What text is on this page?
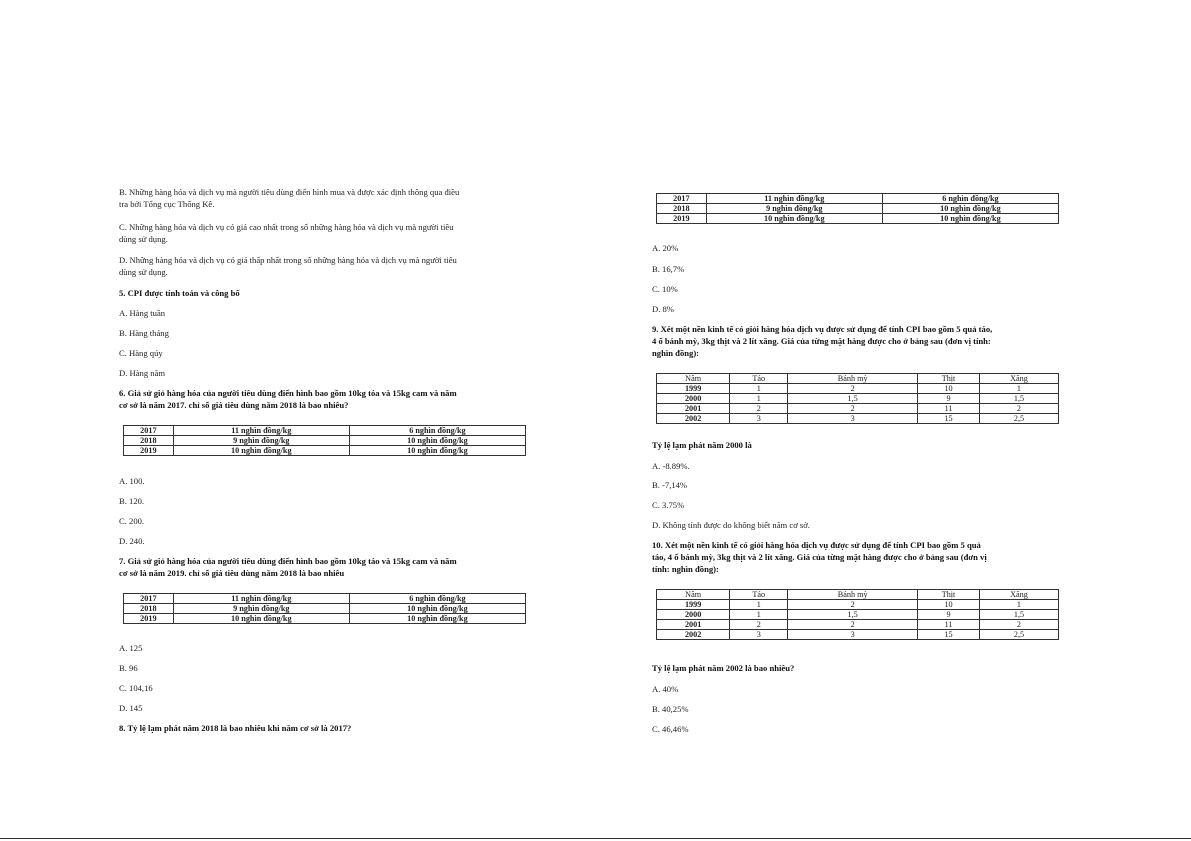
B. Những hàng hóa và dịch vụ mà người tiêu dùng điển hình mua và được xác định thông qua điều
tra bởi Tổng cục Thống Kê.
C. Những hàng hóa và dịch vụ có giá cao nhất trong số những hàng hóa và dịch vụ mà người tiêu
dùng sử dụng.
D. Những hàng hóa và dịch vụ có giá thấp nhất trong số những hàng hóa và dịch vụ mà người tiêu
dùng sử dụng.
5. CPI được tính toán và công bố
A. Hàng tuần
B. Hàng tháng
C. Hàng qúy
D. Hàng năm
6. Giả sử giỏ hàng hóa của người tiêu dùng điển hình bao gồm 10kg tóa và 15kg cam và năm
cơ sở là năm 2017. chỉ số giá tiêu dùng năm 2018 là bao nhiêu?
2017	11 nghìn đồng/kg	6 nghìn đồng/kg
2018	9 nghìn đồng/kg	10 nghìn đồng/kg
2019	10 nghìn đồng/kg	10 nghìn đồng/kg
A. 100.
B. 120.
C. 200.
D. 240.
7. Giả sử giỏ hàng hóa của người tiêu dùng điển hình bao gồm 10kg táo và 15kg cam và năm
cơ sở là năm 2019. chỉ số giá tiêu dùng năm 2018 là bao nhiêu
2017	11 nghìn đồng/kg	6 nghìn đồng/kg
2018	9 nghìn đồng/kg	10 nghìn đồng/kg
2019	10 nghìn đồng/kg	10 nghìn đồng/kg
A. 125
B. 96
C. 104,16
D. 145
8. Tỷ lệ lạm phát năm 2018 là bao nhiêu khi năm cơ sở là 2017?
2017	11 nghìn đồng/kg	6 nghìn đồng/kg
2018	9 nghìn đồng/kg	10 nghìn đồng/kg
2019	10 nghìn đồng/kg	10 nghìn đồng/kg
A. 20%
B. 16,7%
C. 10%
D. 8%
9. Xét một nền kinh tế có giỏi hàng hóa dịch vụ được sử dụng để tính CPI bao gồm 5 quả táo,
4 ổ bánh mỳ, 3kg thịt và 2 lít xăng. Giá của từng mặt hàng được cho ở bảng sau (đơn vị tính:
nghìn đồng):
Năm	Táo	Bánh mỳ	Thịt	Xăng
1999	1	2	10	1
2000	1	1,5	9	1,5
2001	2	2	11	2
2002	3	3	15	2,5
Tỷ lệ lạm phát năm 2000 là
A. -8.89%.
B. -7,14%
C. 3.75%
D. Không tính được do không biết năm cơ sở.
10. Xét một nền kinh tế có giỏi hàng hóa dịch vụ được sử dụng để tính CPI bao gồm 5 quả
táo, 4 ổ bánh mỳ, 3kg thịt và 2 lít xăng. Giá của từng mặt hàng được cho ở bảng sau (đơn vị
tính: nghìn đồng):
Năm	Táo	Bánh mỳ	Thịt	Xăng
1999	1	2	10	1
2000	1	1,5	9	1,5
2001	2	2	11	2
2002	3	3	15	2,5
Tỷ lệ lạm phát năm 2002 là bao nhiêu?
A. 40%
B. 40,25%
C. 46,46%
